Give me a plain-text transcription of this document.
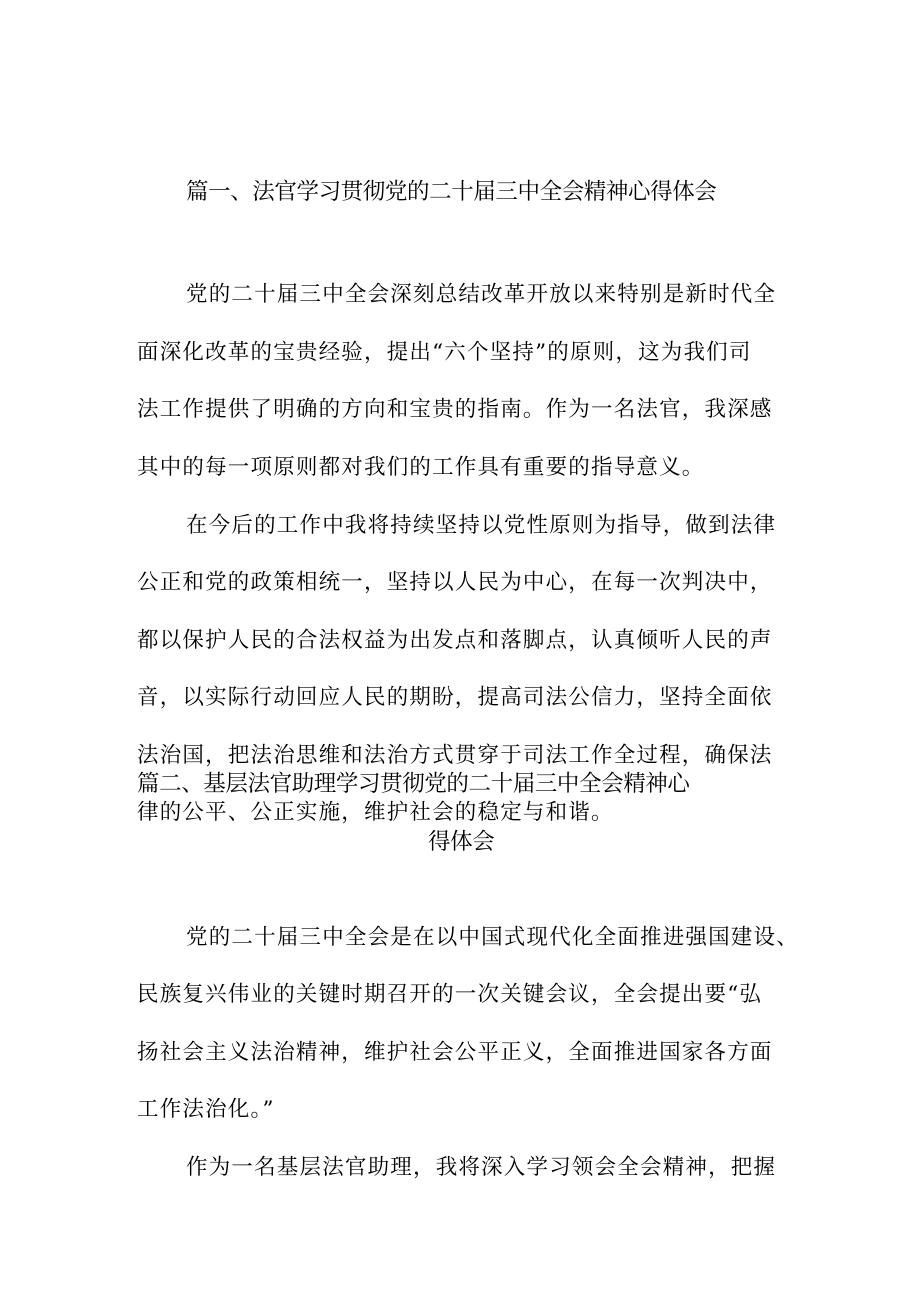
篇一、法官学习贯彻党的二十届三中全会精神心得体会

党的二十届三中全会深刻总结改革开放以来特别是新时代全

面深化改革的宝贵经验，提出“六个坚持”的原则，这为我们司

法工作提供了明确的方向和宝贵的指南。作为一名法官，我深感

其中的每一项原则都对我们的工作具有重要的指导意义。

在今后的工作中我将持续坚持以党性原则为指导，做到法律

公正和党的政策相统一，坚持以人民为中心，在每一次判决中，

都以保护人民的合法权益为出发点和落脚点，认真倾听人民的声

音，以实际行动回应人民的期盼，提高司法公信力，坚持全面依

法治国，把法治思维和法治方式贯穿于司法工作全过程，确保法

律的公平、公正实施，维护社会的稳定与和谐。

篇二、基层法官助理学习贯彻党的二十届三中全会精神心
得体会

党的二十届三中全会是在以中国式现代化全面推进强国建设、

民族复兴伟业的关键时期召开的一次关键会议，全会提出要“弘

扬社会主义法治精神，维护社会公平正义，全面推进国家各方面

工作法治化。”

作为一名基层法官助理，我将深入学习领会全会精神，把握
